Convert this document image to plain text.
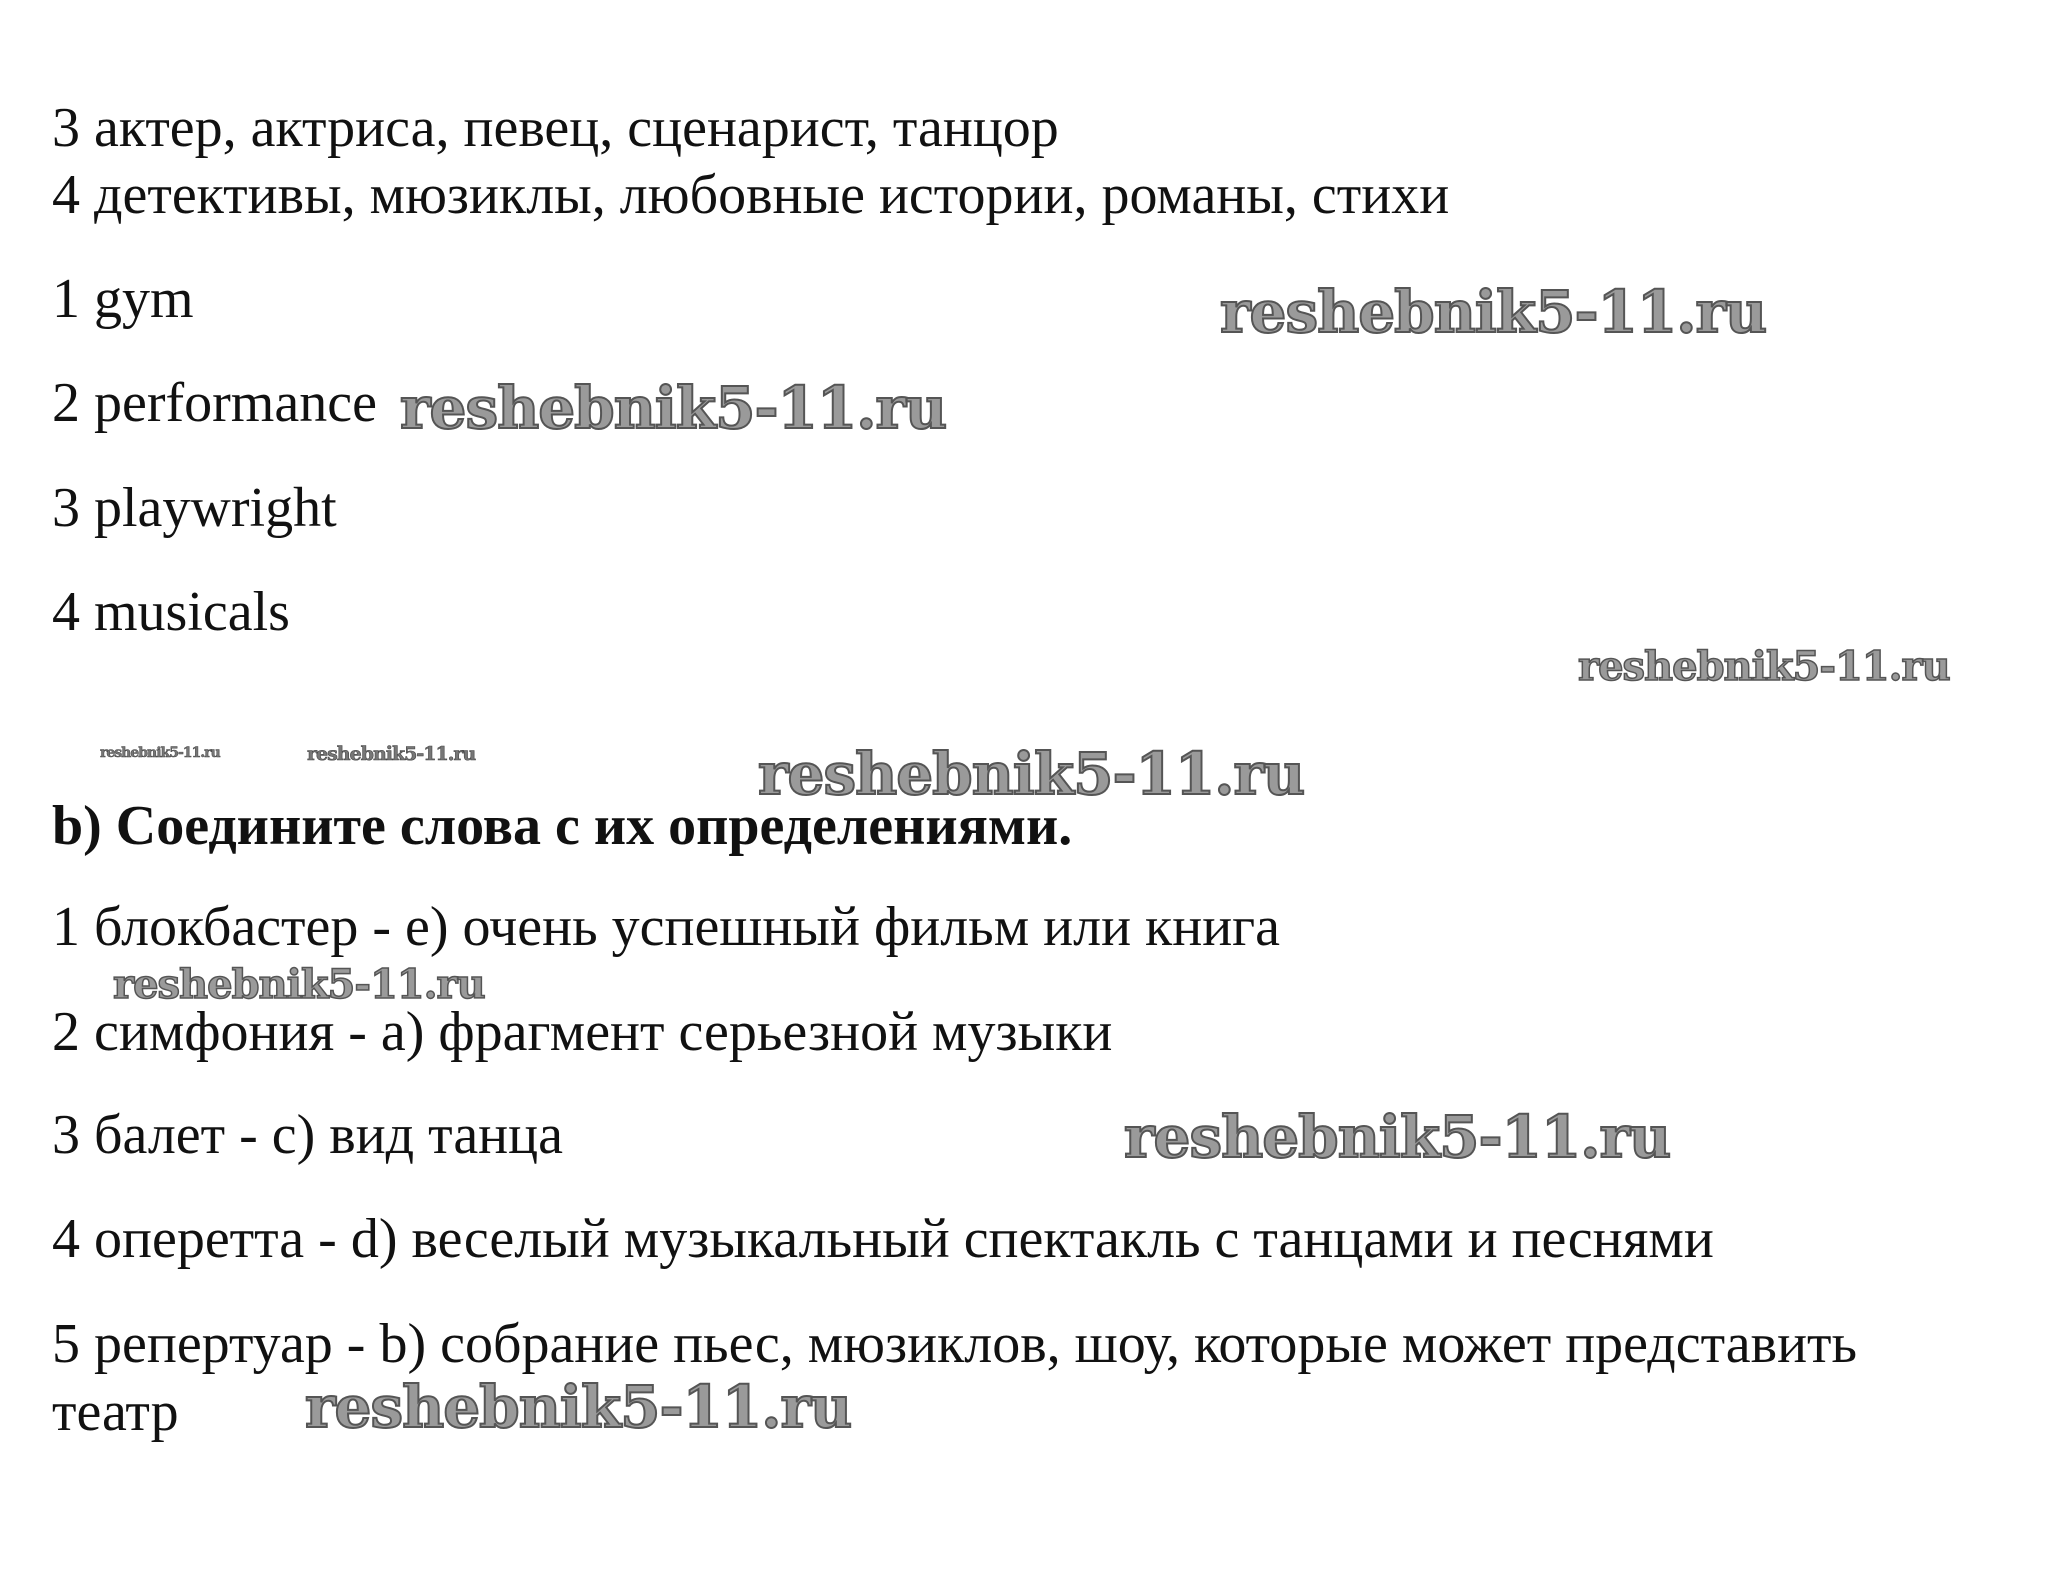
3 актер, актриса, певец, сценарист, танцор
4 детективы, мюзиклы, любовные истории, романы, стихи
1 gym
2 performance
3 playwright
4 musicals
b) Соедините слова с их определениями.
1 блокбастер - e) очень успешный фильм или книга
2 симфония - a) фрагмент серьезной музыки
3 балет - c) вид танца
4 оперетта - d) веселый музыкальный спектакль с танцами и песнями
5 репертуар - b) собрание пьес, мюзиклов, шоу, которые может представить
театр
reshebnik5-11.ru
reshebnik5-11.ru
reshebnik5-11.ru
reshebnik5-11.ru	reshebnik5-11.ru	reshebnik5-11.ru
reshebnik5-11.ru
reshebnik5-11.ru
reshebnik5-11.ru
